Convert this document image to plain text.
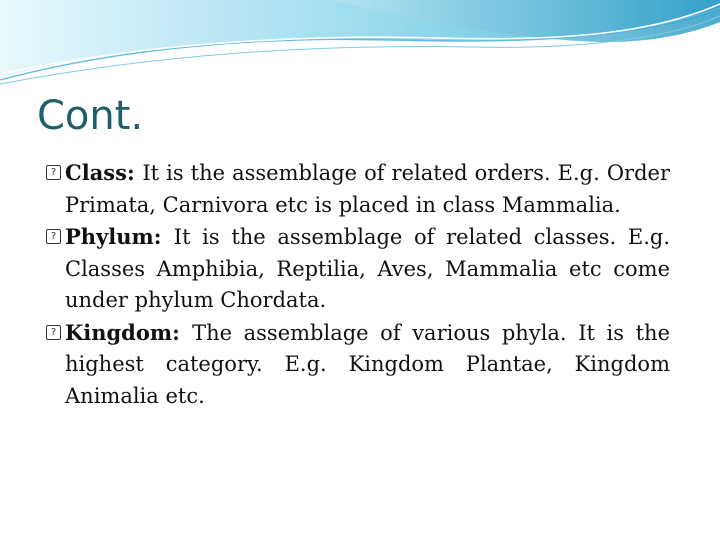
Cont.
? Class: It is the assemblage of related orders. E.g. Order Primata, Carnivora etc is placed in class Mammalia.
? Phylum: It is the assemblage of related classes. E.g. Classes Amphibia, Reptilia, Aves, Mammalia etc come under phylum Chordata.
? Kingdom: The assemblage of various phyla. It is the highest category. E.g. Kingdom Plantae, Kingdom Animalia etc.
